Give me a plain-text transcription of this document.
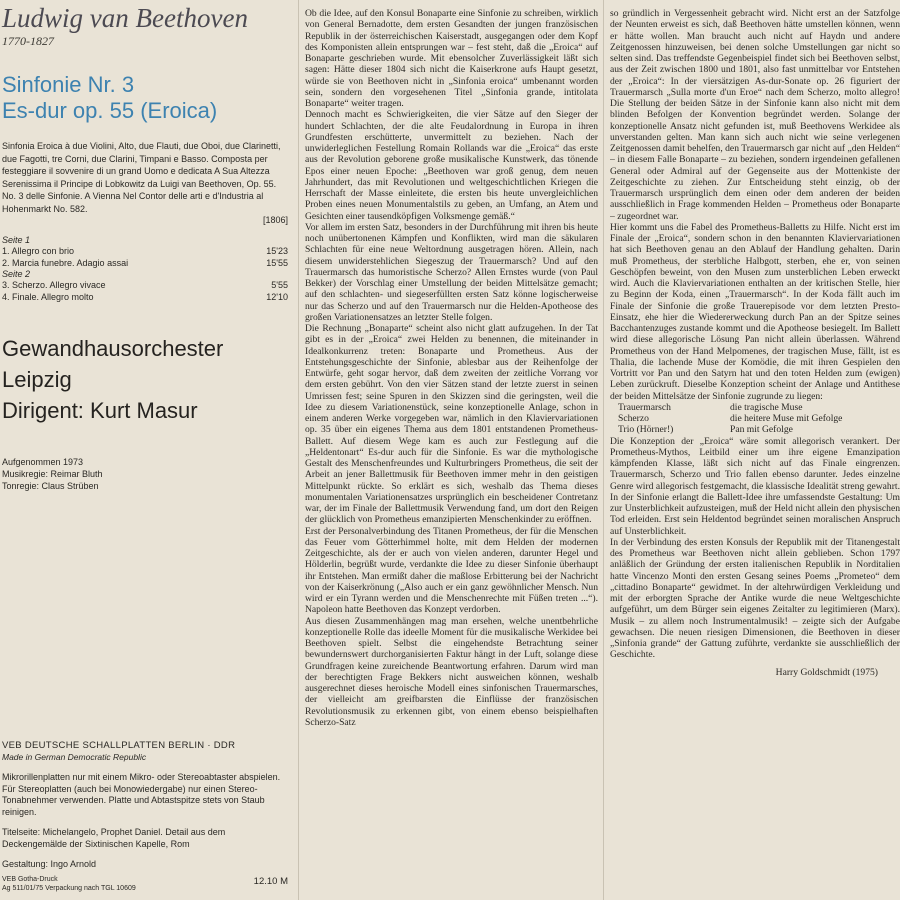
Ludwig van Beethoven
1770-1827
Sinfonie Nr. 3
Es-dur op. 55 (Eroica)
Sinfonia Eroica à due Violini, Alto, due Flauti, due Oboi, due Clarinetti, due Fagotti, tre Corni, due Clarini, Timpani e Basso. Composta per festeggiare il sovvenire di un grand Uomo e dedicata A Sua Altezza Serenissima il Principe di Lobkowitz da Luigi van Beethoven, Op. 55. No. 3 delle Sinfonie. A Vienna Nel Contor delle arti e d'Industria al Hohenmarkt No. 582.
[1806]
Seite 1
1. Allegro con brio	15'23
2. Marcia funebre. Adagio assai	15'55
Seite 2
3. Scherzo. Allegro vivace	5'55
4. Finale. Allegro molto	12'10
Gewandhausorchester
Leipzig
Dirigent: Kurt Masur
Aufgenommen 1973
Musikregie: Reimar Bluth
Tonregie: Claus Strüben
VEB DEUTSCHE SCHALLPLATTEN BERLIN · DDR
Made in German Democratic Republic

Mikrorillenplatten nur mit einem Mikro- oder Stereoabtaster abspielen. Für Stereoplatten (auch bei Monowiedergabe) nur einen Stereo-Tonabnehmer verwenden. Platte und Abtastspitze stets von Staub reinigen.

Titelseite: Michelangelo, Prophet Daniel. Detail aus dem Deckengemälde der Sixtinischen Kapelle, Rom

Gestaltung: Ingo Arnold

VEB Gotha-Druck
Ag 511/01/75 Verpackung nach TGL 10609
12.10 M

Ob die Idee, auf den Konsul Bonaparte eine Sinfonie zu schreiben, wirklich von General Bernadotte, dem ersten Gesandten der jungen französischen Republik in der österreichischen Kaiserstadt, ausgegangen oder dem Kopf des Komponisten allein entsprungen war – fest steht, daß die „Eroica“ auf Bonaparte geschrieben wurde. Mit ebensolcher Zuverlässigkeit läßt sich sagen: Hätte dieser 1804 sich nicht die Kaiserkrone aufs Haupt gesetzt, würde sie von Beethoven nicht in „Sinfonia eroica“ umbenannt worden sein, sondern den vorgesehenen Titel „Sinfonia grande, intitolata Bonaparte“ weiter tragen.

Dennoch macht es Schwierigkeiten, die vier Sätze auf den Sieger der hundert Schlachten, der die alte Feudalordnung in Europa in ihren Grundfesten erschütterte, unvermittelt zu beziehen. Nach der unwiderleglichen Festellung Romain Rollands war die „Eroica“ das erste aus der Revolution geborene große musikalische Kunstwerk, das tönende Epos einer neuen Epoche: „Beethoven war groß genug, dem neuen Jahrhundert, das mit Revolutionen und weltgeschichtlichen Kriegen die Herrschaft der Masse einleitete, die ersten bis heute unvergleichlichen Proben eines neuen Monumentalstils zu geben, an Umfang, an Atem und Gesichten einer tausendköpfigen Volksmenge gemäß.“

Vor allem im ersten Satz, besonders in der Durchführung mit ihren bis heute noch unübertonenen Kämpfen und Konflikten, wird man die säkularen Schlachten für eine neue Weltordnung ausgetragen hören. Allein, nach diesem unwiderstehlichen Siegeszug der Trauermarsch? Und auf den Trauermarsch das humoristische Scherzo? Allen Ernstes wurde (von Paul Bekker) der Vorschlag einer Umstellung der beiden Mittelsätze gemacht; auf den schlachten- und siegeserfüllten ersten Satz könne logischerweise nur das Scherzo und auf den Trauermarsch nur die Helden-Apotheose des großen Variationensatzes an letzter Stelle folgen.

Die Rechnung „Bonaparte“ scheint also nicht glatt aufzugehen. In der Tat gibt es in der „Eroica“ zwei Helden zu benennen, die miteinander in Idealkonkurrenz treten: Bonaparte und Prometheus. Aus der Entstehungsgeschichte der Sinfonie, ablesbar aus der Reihenfolge der Entwürfe, geht sogar hervor, daß dem zweiten der zeitliche Vorrang vor dem ersten gebührt. Von den vier Sätzen stand der letzte zuerst in seinen Umrissen fest; seine Spuren in den Skizzen sind die geringsten, weil die Idee zu diesem Variationenstück, seine konzeptionelle Anlage, schon in einem anderen Werke vorgegeben war, nämlich in den Klaviervariationen op. 35 über ein eigenes Thema aus dem 1801 entstandenen Prometheus-Ballett. Auf diesem Wege kam es auch zur Festlegung auf die „Heldentonart“ Es-dur auch für die Sinfonie. Es war die mythologische Gestalt des Menschenfreundes und Kulturbringers Prometheus, die seit der Arbeit an jener Ballettmusik für Beethoven immer mehr in den geistigen Mittelpunkt rückte. So erklärt es sich, weshalb das Thema dieses monumentalen Variationensatzes ursprünglich ein bescheidener Contretanz war, der im Finale der Ballettmusik Verwendung fand, um dort den Reigen der glücklich von Prometheus emanzipierten Menschenkinder zu eröffnen.

Erst der Personalverbindung des Titanen Prometheus, der für die Menschen das Feuer vom Götterhimmel holte, mit dem Helden der modernen Zeitgeschichte, als der er auch von vielen anderen, darunter Hegel und Hölderlin, begrüßt wurde, verdankte die Idee zu dieser Sinfonie überhaupt ihr Entstehen. Man ermißt daher die maßlose Erbitterung bei der Nachricht von der Kaiserkrönung („Also auch er ein ganz gewöhnlicher Mensch. Nun wird er ein Tyrann werden und die Menschenrechte mit Füßen treten ...“). Napoleon hatte Beethoven das Konzept verdorben.

Aus diesen Zusammenhängen mag man ersehen, welche unentbehrliche konzeptionelle Rolle das ideelle Moment für die musikalische Werkidee bei Beethoven spielt. Selbst die eingehendste Betrachtung seiner bewundernswert durchorganisierten Faktur hängt in der Luft, solange diese Grundfragen keine zureichende Beantwortung erfahren. Darum wird man der berechtigten Frage Bekkers nicht ausweichen können, weshalb ausgerechnet dieses heroische Modell eines sinfonischen Trauermarsches, der vielleicht am greifbarsten die Einflüsse der französischen Revolutionsmusik zu erkennen gibt, von einem ebenso beispielhaften Scherzo-Satz

so gründlich in Vergessenheit gebracht wird. Nicht erst an der Satzfolge der Neunten erweist es sich, daß Beethoven hätte umstellen können, wenn er hätte wollen. Man braucht auch nicht auf Haydn und andere Zeitgenossen hinzuweisen, bei denen solche Umstellungen gar nicht so selten sind. Das treffendste Gegenbeispiel findet sich bei Beethoven selbst, aus der Zeit zwischen 1800 und 1801, also fast unmittelbar vor Entstehen der „Eroica“: In der viersätzigen As-dur-Sonate op. 26 figuriert der Trauermarsch „Sulla morte d'un Eroe“ nach dem Scherzo, molto allegro! Die Stellung der beiden Sätze in der Sinfonie kann also nicht mit dem blinden Befolgen der Konvention begründet werden. Solange der konzeptionelle Ansatz nicht gefunden ist, muß Beethovens Werkidee als unverstanden gelten. Man kann sich auch nicht wie seine verlegenen Zeitgenossen damit behelfen, den Trauermarsch gar nicht auf „den Helden“ – in diesem Falle Bonaparte – zu beziehen, sondern irgendeinen gefallenen General oder Admiral auf der Gegenseite aus der Mottenkiste der Zeitgeschichte zu ziehen. Zur Entscheidung steht einzig, ob der Trauermarsch ursprünglich dem einen oder dem anderen der beiden ausschließlich in Frage kommenden Helden – Prometheus oder Bonaparte – zugeordnet war.

Hier kommt uns die Fabel des Prometheus-Balletts zu Hilfe. Nicht erst im Finale der „Eroica“, sondern schon in den benannten Klaviervariationen hat sich Beethoven genau an den Ablauf der Handlung gehalten. Darin muß Prometheus, der sterbliche Halbgott, sterben, ehe er, von seinen Geschöpfen beweint, von den Musen zum unsterblichen Leben erweckt wird. Auch die Klaviervariationen enthalten an der kritischen Stelle, hier zu Beginn der Koda, einen „Trauermarsch“. In der Koda fällt auch im Finale der Sinfonie die große Trauerepisode vor dem letzten Presto-Einsatz, ehe hier die Wiedererweckung durch Pan an der Spitze seines Bacchantenzuges zustande kommt und die Apotheose besiegelt. Im Ballett wird diese allegorische Lösung Pan nicht allein überlassen. Während Prometheus von der Hand Melpomenes, der tragischen Muse, fällt, ist es Thalia, die lachende Muse der Komödie, die mit ihren Gespielen den Vortritt vor Pan und den Satyrn hat und den toten Helden zum (ewigen) Leben zurückruft. Dieselbe Konzeption scheint der Anlage und Antithese der beiden Mittelsätze der Sinfonie zugrunde zu liegen:

Trauermarsch	die tragische Muse
Scherzo	die heitere Muse mit Gefolge
Trio (Hörner!)	Pan mit Gefolge

Die Konzeption der „Eroica“ wäre somit allegorisch verankert. Der Prometheus-Mythos, Leitbild einer um ihre eigene Emanzipation kämpfenden Klasse, läßt sich nicht auf das Finale eingrenzen. Trauermarsch, Scherzo und Trio fallen ebenso darunter. Jedes einzelne Genre wird allegorisch festgemacht, die klassische Idealität streng gewahrt. In der Sinfonie erlangt die Ballett-Idee ihre umfassendste Gestaltung: Um zur Unsterblichkeit aufzusteigen, muß der Held nicht allein den physischen Tod erleiden. Erst sein Heldentod begründet seinen moralischen Anspruch auf Unsterblichkeit.

In der Verbindung des ersten Konsuls der Republik mit der Titanengestalt des Prometheus war Beethoven nicht allein geblieben. Schon 1797 anläßlich der Gründung der ersten italienischen Republik in Norditalien hatte Vincenzo Monti den ersten Gesang seines Poems „Prometeo“ dem „cittadino Bonaparte“ gewidmet. In der altehrwürdigen Verkleidung und mit der erborgten Sprache der Antike wurde die neue Weltgeschichte aufgeführt, um dem Bürger sein eigenes Zeitalter zu legitimieren (Marx). Musik – zu allem noch Instrumentalmusik! – zeigte sich der Aufgabe gewachsen. Die neuen riesigen Dimensionen, die Beethoven in dieser „Sinfonia grande“ der Gattung zuführte, verdankte sie ausschließlich der Geschichte.

Harry Goldschmidt (1975)
